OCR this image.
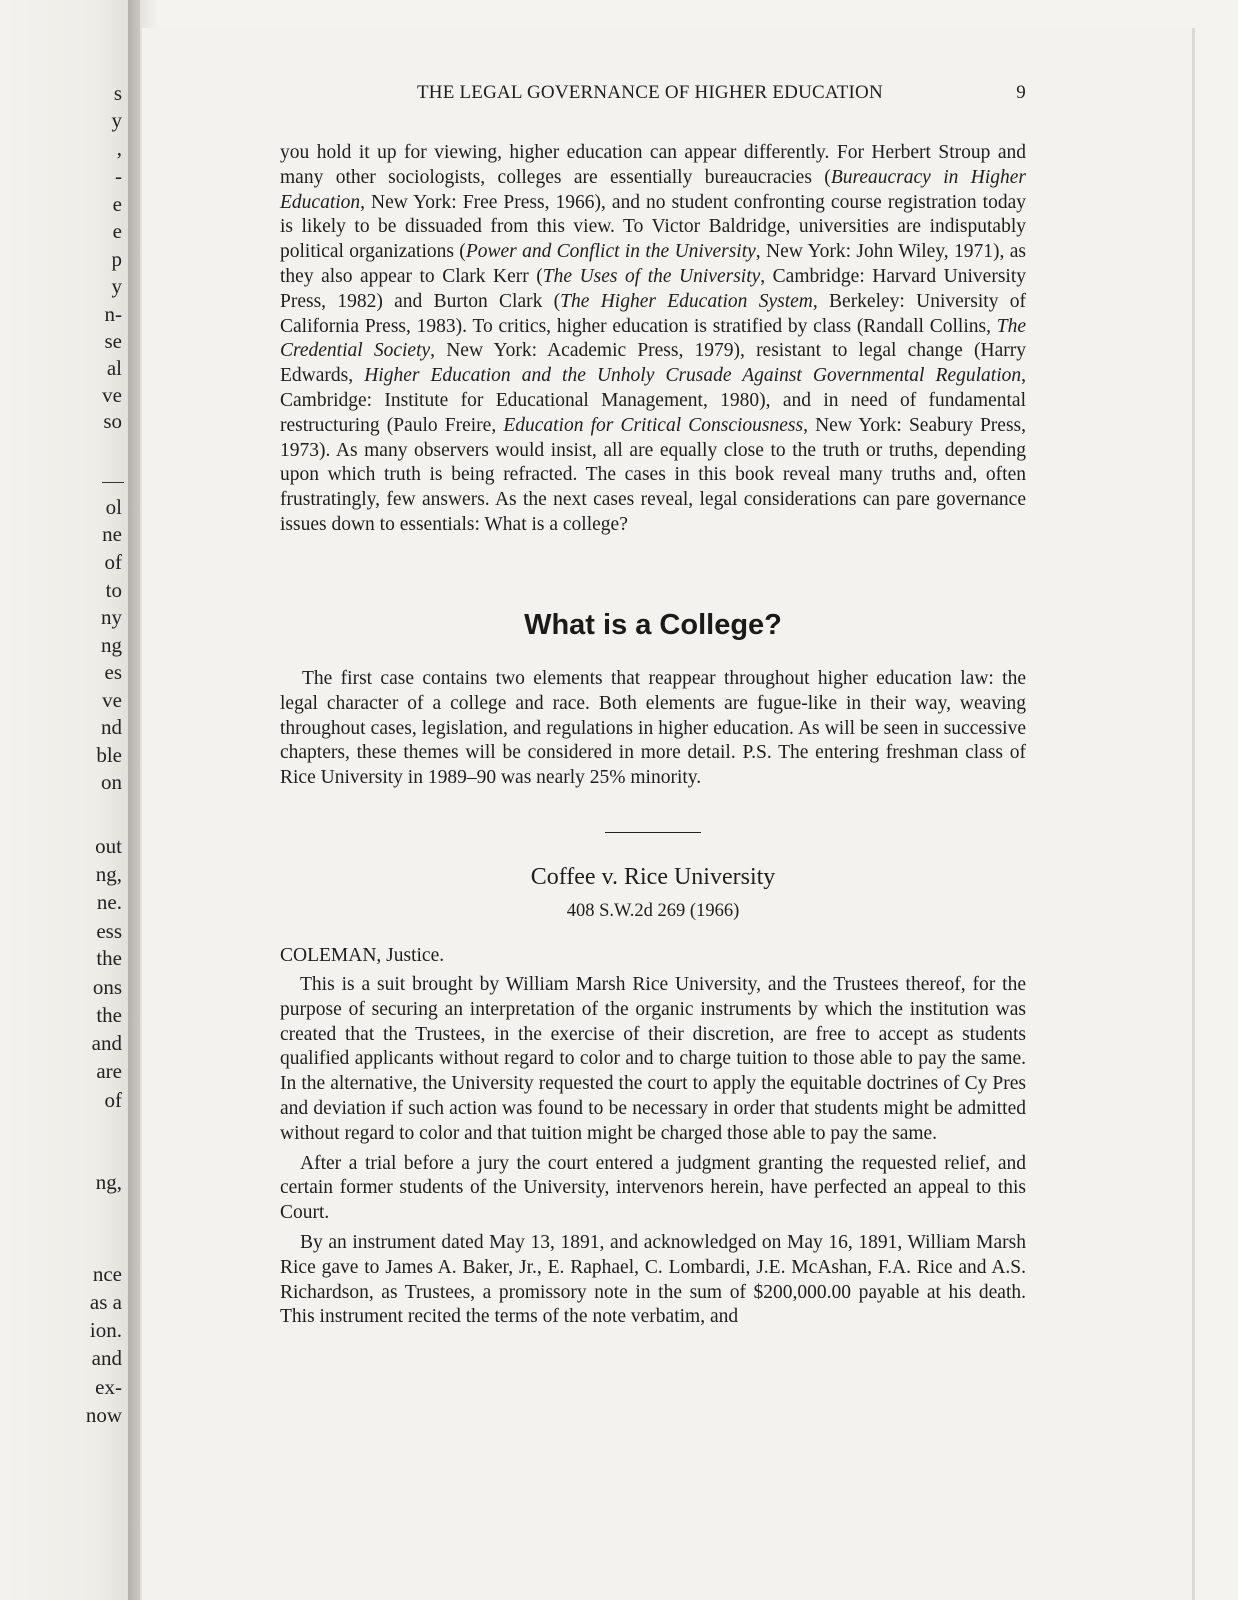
s
y
,
-
e
e
p
y
n-
se
al
ve
so
ol
ne
of
to
ny
ng
es
ve
nd
ble
on
out
ng,
ne.
ess
the
ons
the
and
are
of
ng,
nce
as a
ion.
and
ex-
now
THE LEGAL GOVERNANCE OF HIGHER EDUCATION	9

you hold it up for viewing, higher education can appear differently. For Herbert Stroup and many other sociologists, colleges are essentially bureaucracies (Bureaucracy in Higher Education, New York: Free Press, 1966), and no student confronting course registration today is likely to be dissuaded from this view. To Victor Baldridge, universities are indisputably political organizations (Power and Conflict in the University, New York: John Wiley, 1971), as they also appear to Clark Kerr (The Uses of the University, Cambridge: Harvard University Press, 1982) and Burton Clark (The Higher Education System, Berkeley: University of California Press, 1983). To critics, higher education is stratified by class (Randall Collins, The Credential Society, New York: Academic Press, 1979), resistant to legal change (Harry Edwards, Higher Education and the Unholy Crusade Against Governmental Regulation, Cambridge: Institute for Educational Management, 1980), and in need of fundamental restructuring (Paulo Freire, Education for Critical Consciousness, New York: Seabury Press, 1973). As many observers would insist, all are equally close to the truth or truths, depending upon which truth is being refracted. The cases in this book reveal many truths and, often frustratingly, few answers. As the next cases reveal, legal considerations can pare governance issues down to essentials: What is a college?

What is a College?

The first case contains two elements that reappear throughout higher education law: the legal character of a college and race. Both elements are fugue-like in their way, weaving throughout cases, legislation, and regulations in higher education. As will be seen in successive chapters, these themes will be considered in more detail. P.S. The entering freshman class of Rice University in 1989–90 was nearly 25% minority.

Coffee v. Rice University
408 S.W.2d 269 (1966)
COLEMAN, Justice.

This is a suit brought by William Marsh Rice University, and the Trustees thereof, for the purpose of securing an interpretation of the organic instruments by which the institution was created that the Trustees, in the exercise of their discretion, are free to accept as students qualified applicants without regard to color and to charge tuition to those able to pay the same. In the alternative, the University requested the court to apply the equitable doctrines of Cy Pres and deviation if such action was found to be necessary in order that students might be admitted without regard to color and that tuition might be charged those able to pay the same.

After a trial before a jury the court entered a judgment granting the requested relief, and certain former students of the University, intervenors herein, have perfected an appeal to this Court.

By an instrument dated May 13, 1891, and acknowledged on May 16, 1891, William Marsh Rice gave to James A. Baker, Jr., E. Raphael, C. Lombardi, J.E. McAshan, F.A. Rice and A.S. Richardson, as Trustees, a promissory note in the sum of $200,000.00 payable at his death. This instrument recited the terms of the note verbatim, and
